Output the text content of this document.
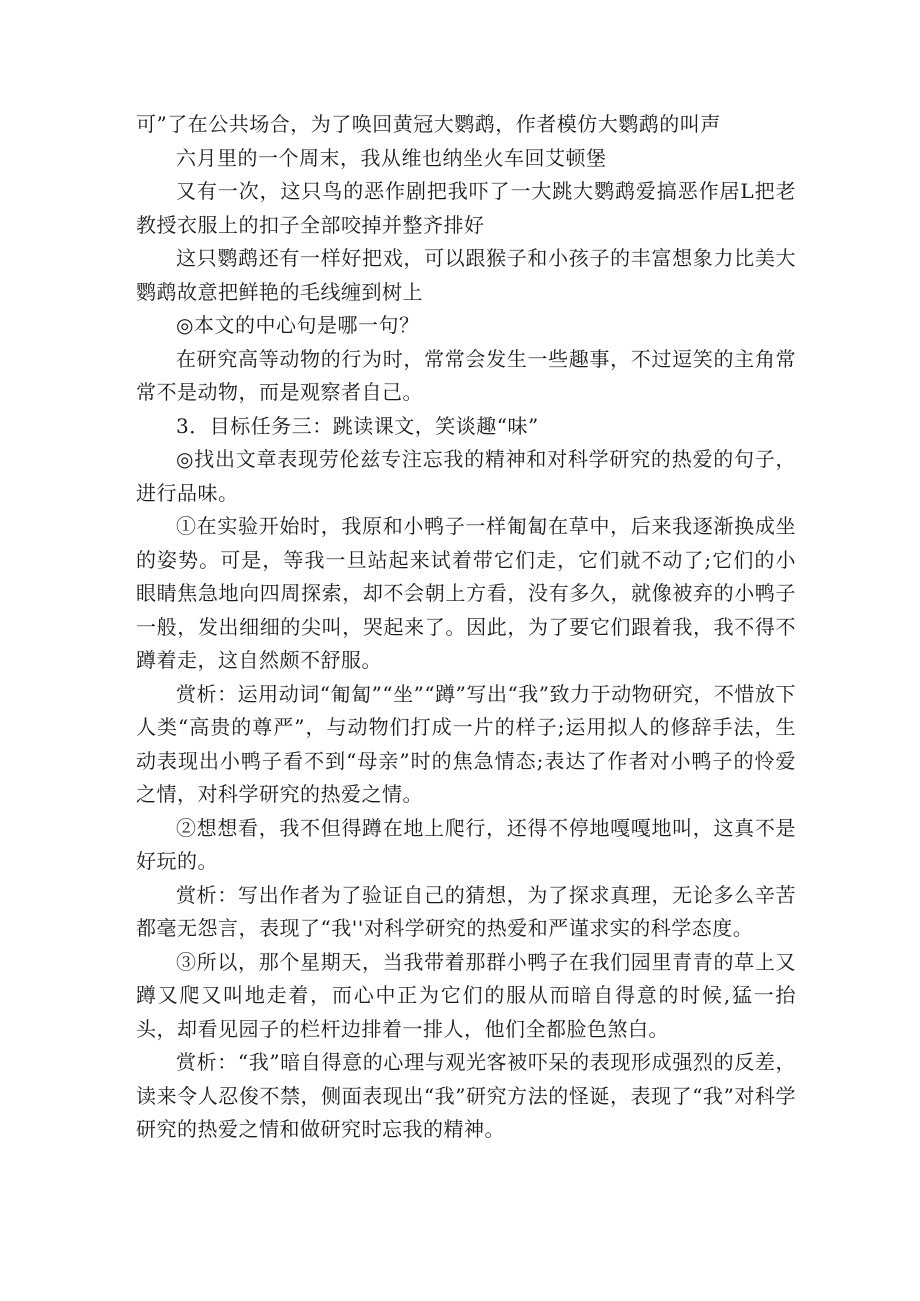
可”了在公共场合，为了唤回黄冠大鹦鹉，作者模仿大鹦鹉的叫声

六月里的一个周末，我从维也纳坐火车回艾顿堡

又有一次，这只鸟的恶作剧把我吓了一大跳大鹦鹉爱搞恶作居L把老教授衣服上的扣子全部咬掉并整齐排好

这只鹦鹉还有一样好把戏，可以跟猴子和小孩子的丰富想象力比美大鹦鹉故意把鲜艳的毛线缠到树上

◎本文的中心句是哪一句？

在研究高等动物的行为时，常常会发生一些趣事，不过逗笑的主角常常不是动物，而是观察者自己。

3．目标任务三：跳读课文，笑谈趣“味”

◎找出文章表现劳伦兹专注忘我的精神和对科学研究的热爱的句子，进行品味。

①在实验开始时，我原和小鸭子一样匍匐在草中，后来我逐渐换成坐的姿势。可是，等我一旦站起来试着带它们走，它们就不动了;它们的小眼睛焦急地向四周探索，却不会朝上方看，没有多久，就像被弃的小鸭子一般，发出细细的尖叫，哭起来了。因此，为了要它们跟着我，我不得不蹲着走，这自然颇不舒服。

赏析：运用动词“匍匐”“坐”“蹲”写出“我”致力于动物研究，不惜放下人类“高贵的尊严”，与动物们打成一片的样子;运用拟人的修辞手法，生动表现出小鸭子看不到“母亲”时的焦急情态;表达了作者对小鸭子的怜爱之情，对科学研究的热爱之情。

②想想看，我不但得蹲在地上爬行，还得不停地嘎嘎地叫，这真不是好玩的。

赏析：写出作者为了验证自己的猜想，为了探求真理，无论多么辛苦都毫无怨言，表现了“我''对科学研究的热爱和严谨求实的科学态度。

③所以，那个星期天，当我带着那群小鸭子在我们园里青青的草上又蹲又爬又叫地走着，而心中正为它们的服从而暗自得意的时候,猛一抬头，却看见园子的栏杆边排着一排人，他们全都脸色煞白。

赏析：“我”暗自得意的心理与观光客被吓呆的表现形成强烈的反差，读来令人忍俊不禁，侧面表现出“我”研究方法的怪诞，表现了“我”对科学研究的热爱之情和做研究时忘我的精神。
